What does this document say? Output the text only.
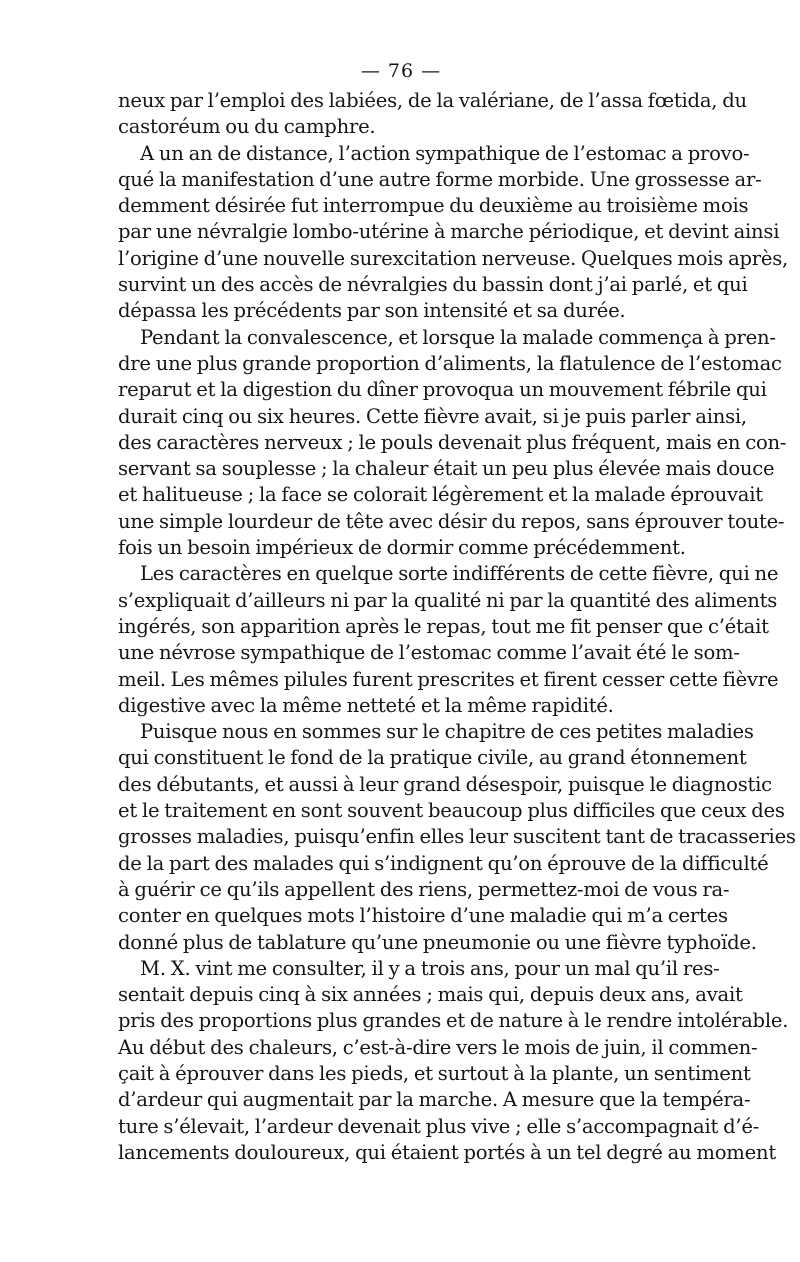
— 76 —
neux par l’emploi des labiées, de la valériane, de l’assa fœtida, du
castoréum ou du camphre.
A un an de distance, l’action sympathique de l’estomac a provo-
qué la manifestation d’une autre forme morbide. Une grossesse ar-
demment désirée fut interrompue du deuxième au troisième mois
par une névralgie lombo-utérine à marche périodique, et devint ainsi
l’origine d’une nouvelle surexcitation nerveuse. Quelques mois après,
survint un des accès de névralgies du bassin dont j’ai parlé, et qui
dépassa les précédents par son intensité et sa durée.
Pendant la convalescence, et lorsque la malade commença à pren-
dre une plus grande proportion d’aliments, la flatulence de l’estomac
reparut et la digestion du dîner provoqua un mouvement fébrile qui
durait cinq ou six heures. Cette fièvre avait, si je puis parler ainsi,
des caractères nerveux ; le pouls devenait plus fréquent, mais en con-
servant sa souplesse ; la chaleur était un peu plus élevée mais douce
et halitueuse ; la face se colorait légèrement et la malade éprouvait
une simple lourdeur de tête avec désir du repos, sans éprouver toute-
fois un besoin impérieux de dormir comme précédemment.
Les caractères en quelque sorte indifférents de cette fièvre, qui ne
s’expliquait d’ailleurs ni par la qualité ni par la quantité des aliments
ingérés, son apparition après le repas, tout me fit penser que c’était
une névrose sympathique de l’estomac comme l’avait été le som-
meil. Les mêmes pilules furent prescrites et firent cesser cette fièvre
digestive avec la même netteté et la même rapidité.
Puisque nous en sommes sur le chapitre de ces petites maladies
qui constituent le fond de la pratique civile, au grand étonnement
des débutants, et aussi à leur grand désespoir, puisque le diagnostic
et le traitement en sont souvent beaucoup plus difficiles que ceux des
grosses maladies, puisqu’enfin elles leur suscitent tant de tracasseries
de la part des malades qui s’indignent qu’on éprouve de la difficulté
à guérir ce qu’ils appellent des riens, permettez-moi de vous ra-
conter en quelques mots l’histoire d’une maladie qui m’a certes
donné plus de tablature qu’une pneumonie ou une fièvre typhoïde.
M. X. vint me consulter, il y a trois ans, pour un mal qu’il res-
sentait depuis cinq à six années ; mais qui, depuis deux ans, avait
pris des proportions plus grandes et de nature à le rendre intolérable.
Au début des chaleurs, c’est-à-dire vers le mois de juin, il commen-
çait à éprouver dans les pieds, et surtout à la plante, un sentiment
d’ardeur qui augmentait par la marche. A mesure que la tempéra-
ture s’élevait, l’ardeur devenait plus vive ; elle s’accompagnait d’é-
lancements douloureux, qui étaient portés à un tel degré au moment
